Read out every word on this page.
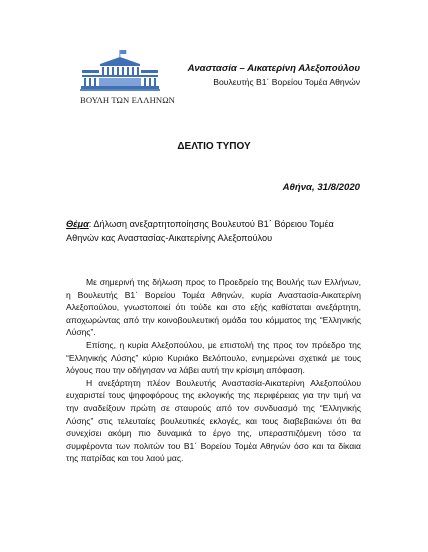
ΒΟΥΛΗ ΤΩΝ ΕΛΛΗΝΩΝ
Αναστασία – Αικατερίνη Αλεξοπούλου
Βουλευτής Β1΄ Βορείου Τομέα Αθηνών
ΔΕΛΤΙΟ ΤΥΠΟΥ
Αθήνα, 31/8/2020
Θέμα: Δήλωση ανεξαρτητοποίησης Βουλευτού Β1΄ Βόρειου Τομέα Αθηνών κας Αναστασίας-Αικατερίνης Αλεξοπούλου

Με σημερινή της δήλωση προς το Προεδρείο της Βουλής των Ελλήνων, η Βουλευτής Β1΄ Βορείου Τομέα Αθηνών, κυρία Αναστασία-Αικατερίνη Αλεξοπούλου, γνωστοποιεί ότι τούδε και στο εξής καθίσταται ανεξάρτητη, αποχωρώντας από την κοινοβουλευτική ομάδα του κόμματος της “Ελληνικής Λύσης”.

Επίσης, η κυρία Αλεξοπούλου, με επιστολή της προς τον πρόεδρο της “Ελληνικής Λύσης” κύριο Κυριάκο Βελόπουλο, ενημερώνει σχετικά με τους λόγους που την οδήγησαν να λάβει αυτή την κρίσιμη απόφαση.

Η ανεξάρτητη πλέον Βουλευτής Αναστασία-Αικατερίνη Αλεξοπούλου ευχαριστεί τους ψηφοφόρους της εκλογικής της περιφέρειας για την τιμή να την αναδείξουν πρώτη σε σταυρούς από τον συνδυασμό της “Ελληνικής Λύσης” στις τελευταίες βουλευτικές εκλογές, και τους διαβεβαιώνει ότι θα συνεχίσει ακόμη πιο δυναμικά το έργο της, υπερασπιζόμενη τόσο τα συμφέροντα των πολιτών του Β1΄ Βορείου Τομέα Αθηνών όσο και τα δίκαια της πατρίδας και του λαού μας.
